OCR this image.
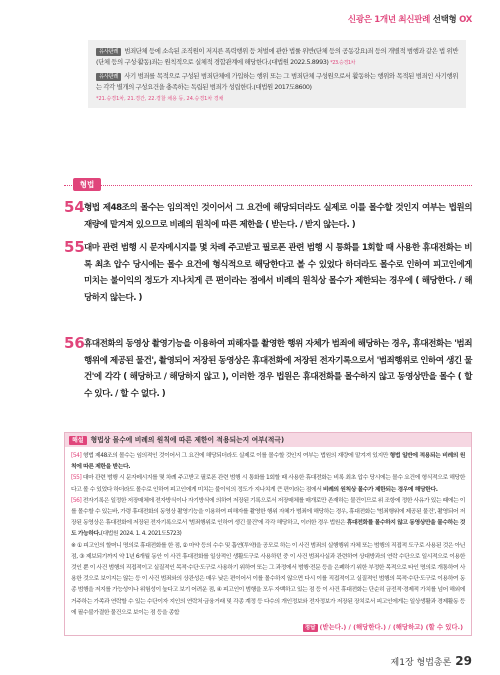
신광은 1개년 최신판례 선택형 OX
유사판례 범죄단체 등에 소속된 조직원이 저지른 폭력행위 등 처벌에 관한 법률 위반(단체 등의 공동강요)죄 등의 개별적 범행과 같은 법 위반(단체 등의 구성·활동)죄는 원칙적으로 실체적 경합관계에 해당한다.(대법원 2022.5.8993) *23.승경1차
유사판례 사기 범죄를 목적으로 구성된 범죄단체에 가입하는 행위 또는 그 범죄단체 구성원으로서 활동하는 행위와 목적된 범죄인 사기행위는 각각 별개의 구성요건을 충족하는 독립된 범죄가 성립한다.(대법원 2017도8600)
*21.승경1차, 21.경간, 22.경찰 채용 등, 24.승경1차 경채
형법
54 형법 제48조의 몰수는 임의적인 것이어서 그 요건에 해당되더라도 실제로 이를 몰수할 것인지 여부는 법원의 재량에 맡겨져 있으므로 비례의 원칙에 따른 제한을 ( 받는다. / 받지 않는다. )
55 대마 관련 범행 시 문자메시지를 몇 차례 주고받고 필로폰 관련 범행 시 통화를 1회할 때 사용한 휴대전화는 비록 최초 압수 당시에는 몰수 요건에 형식적으로 해당한다고 볼 수 있었다 하더라도 몰수로 인하여 피고인에게 미치는 불이익의 정도가 지나치게 큰 편이라는 점에서 비례의 원칙상 몰수가 제한되는 경우에 ( 해당한다. / 해당하지 않는다. )
56 휴대전화의 동영상 촬영기능을 이용하여 피해자를 촬영한 행위 자체가 범죄에 해당하는 경우, 휴대전화는 '범죄행위에 제공된 물건', 촬영되어 저장된 동영상은 휴대전화에 저장된 전자기록으로서 '범죄행위로 인하여 생긴 물건'에 각각 ( 해당하고 / 해당하지 않고 ), 이러한 경우 법원은 휴대전화를 몰수하지 않고 동영상만을 몰수 ( 할 수 있다. / 할 수 없다. )
해설 형법상 몰수에 비례의 원칙에 따른 제한이 적용되는지 여부(적극)

[54] 형법 제48조의 몰수는 임의적인 것이어서 그 요건에 해당되더라도 실제로 이를 몰수할 것인지 여부는 법원의 재량에 맡겨져 있지만 형법 일반에 적용되는 비례의 원칙에 따른 제한을 받는다.

[55] 대마 관련 범행 시 문자메시지를 몇 차례 주고받고 필로폰 관련 범행 시 통화를 1회할 때 사용한 휴대전화는 비록 최초 압수 당시에는 몰수 요건에 형식적으로 해당한다고 볼 수 있었다 하더라도 몰수로 인하여 피고인에게 미치는 불이익의 정도가 지나치게 큰 편이라는 점에서 비례의 원칙상 몰수가 제한되는 경우에 해당한다.

[56] 전자기록은 일정한 저장매체에 전자방식이나 자기방식에 의하여 저장된 기록으로서 저장매체를 매개로만 존재하는 물건이므로 위 조항에 정한 사유가 있는 때에는 이를 몰수할 수 있는바, 가령 휴대전화의 동영상 촬영기능을 이용하여 피해자를 촬영한 행위 자체가 범죄에 해당하는 경우, 휴대전화는 '범죄행위에 제공된 물건', 촬영되어 저장된 동영상은 휴대전화에 저장된 전자기록으로서 '범죄행위로 인하여 생긴 물건'에 각각 해당하고, 이러한 경우 법원은 휴대전화를 몰수하지 않고 동영상만을 몰수하는 것도 가능하다.(대법원 2024. 1. 4. 2021도5723)

※ ① 피고인의 할머니 명의로 휴대전화를 한 점, ② 마약 등의 수수 및 흡연(투약)을 공모로 하는 이 사건 범죄의 실행행위 자체 또는 범행의 직접적 도구로 사용된 것은 아닌 점, ③ 제보되기까지 약 1년 6개월 동안 이 사건 휴대전화를 일상적인 생활도구로 사용하던 중 이 사건 범죄사실과 관련하여 상대방과의 연락 수단으로 일시적으로 이용한 것인 뿐 이 사건 범행의 직접적이고 실질적인 목적·수단·도구로 사용하기 위하여 또는 그 과정에서 범행·전문 등을 은폐하기 위한 부정한 목적으로 타인 명의로 개통하여 사용한 것으로 보이지는 않는 등 이 사건 범죄와의 상관성은 매우 낮은 편이어서 이를 몰수하지 않으면 다시 이를 직접적이고 실질적인 범행의 목적·수단·도구로 이용하여 동종 범행을 저지를 가능성이나 위험성이 높다고 보기 어려운 점, ④ 피고인이 범행을 모두 자백하고 있는 점 등 이 사건 휴대전화는 단순히 금전적·경제적 가치를 넘어 해외에 거주하는 가족과 연락할 수 있는 수단이자 지인의 연락처·금융거래 및 각종 계정 등 다수의 개인정보와 전자정보가 저장된 장치로서 피고인에게는 일상생활과 경제활동 등에 필수불가결한 물건으로 보이는 점 등을 종합

정답 (받는다.) / (해당한다.) / (해당하고) (할 수 있다.)
제1장 형법총론 29
